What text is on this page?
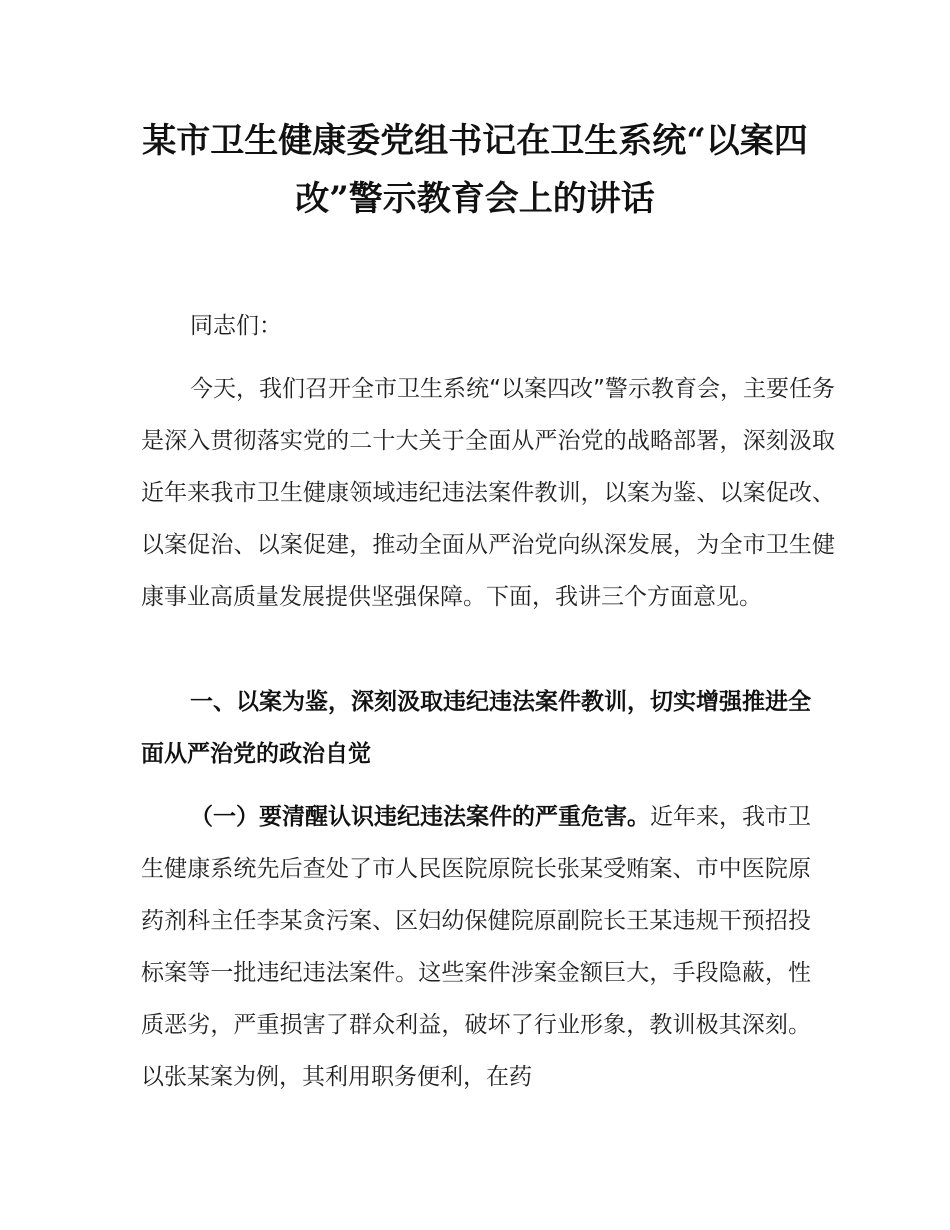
某市卫生健康委党组书记在卫生系统“以案四改”警示教育会上的讲话

同志们：

今天，我们召开全市卫生系统“以案四改”警示教育会，主要任务是深入贯彻落实党的二十大关于全面从严治党的战略部署，深刻汲取近年来我市卫生健康领域违纪违法案件教训，以案为鉴、以案促改、以案促治、以案促建，推动全面从严治党向纵深发展，为全市卫生健康事业高质量发展提供坚强保障。下面，我讲三个方面意见。

一、以案为鉴，深刻汲取违纪违法案件教训，切实增强推进全面从严治党的政治自觉

（一）要清醒认识违纪违法案件的严重危害。近年来，我市卫生健康系统先后查处了市人民医院原院长张某受贿案、市中医院原药剂科主任李某贪污案、区妇幼保健院原副院长王某违规干预招投标案等一批违纪违法案件。这些案件涉案金额巨大，手段隐蔽，性质恶劣，严重损害了群众利益，破坏了行业形象，教训极其深刻。以张某案为例，其利用职务便利，在药
